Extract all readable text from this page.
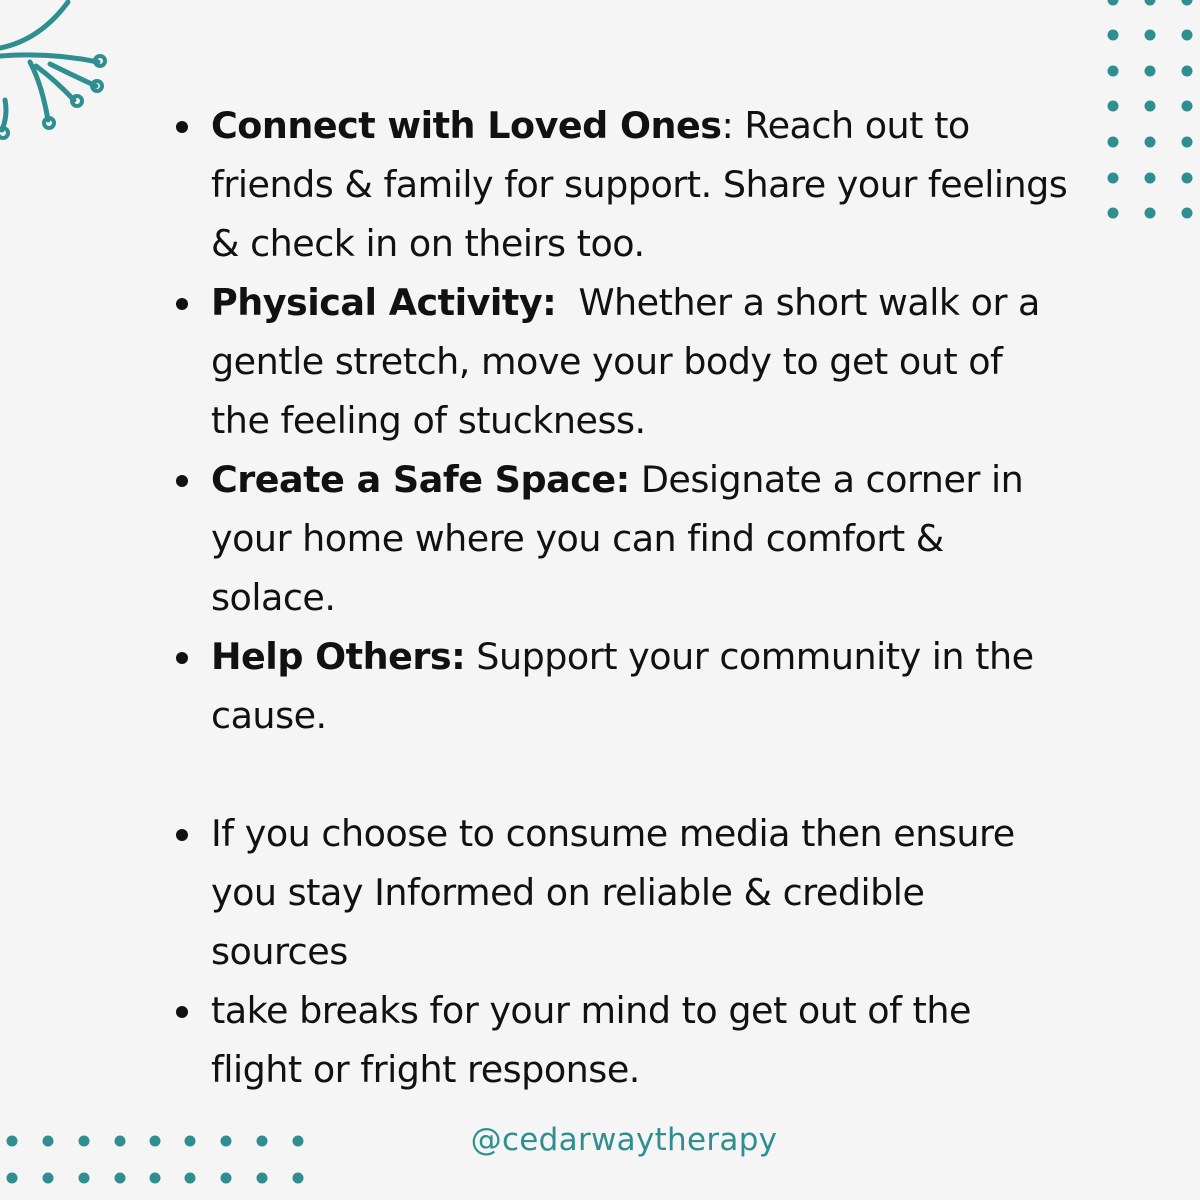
Connect with Loved Ones: Reach out to friends & family for support. Share your feelings & check in on theirs too.
Physical Activity:  Whether a short walk or a gentle stretch, move your body to get out of the feeling of stuckness.
Create a Safe Space: Designate a corner in your home where you can find comfort & solace.
Help Others: Support your community in the cause.
If you choose to consume media then ensure you stay Informed on reliable & credible sources
take breaks for your mind to get out of the flight or fright response.
@cedarwaytherapy
